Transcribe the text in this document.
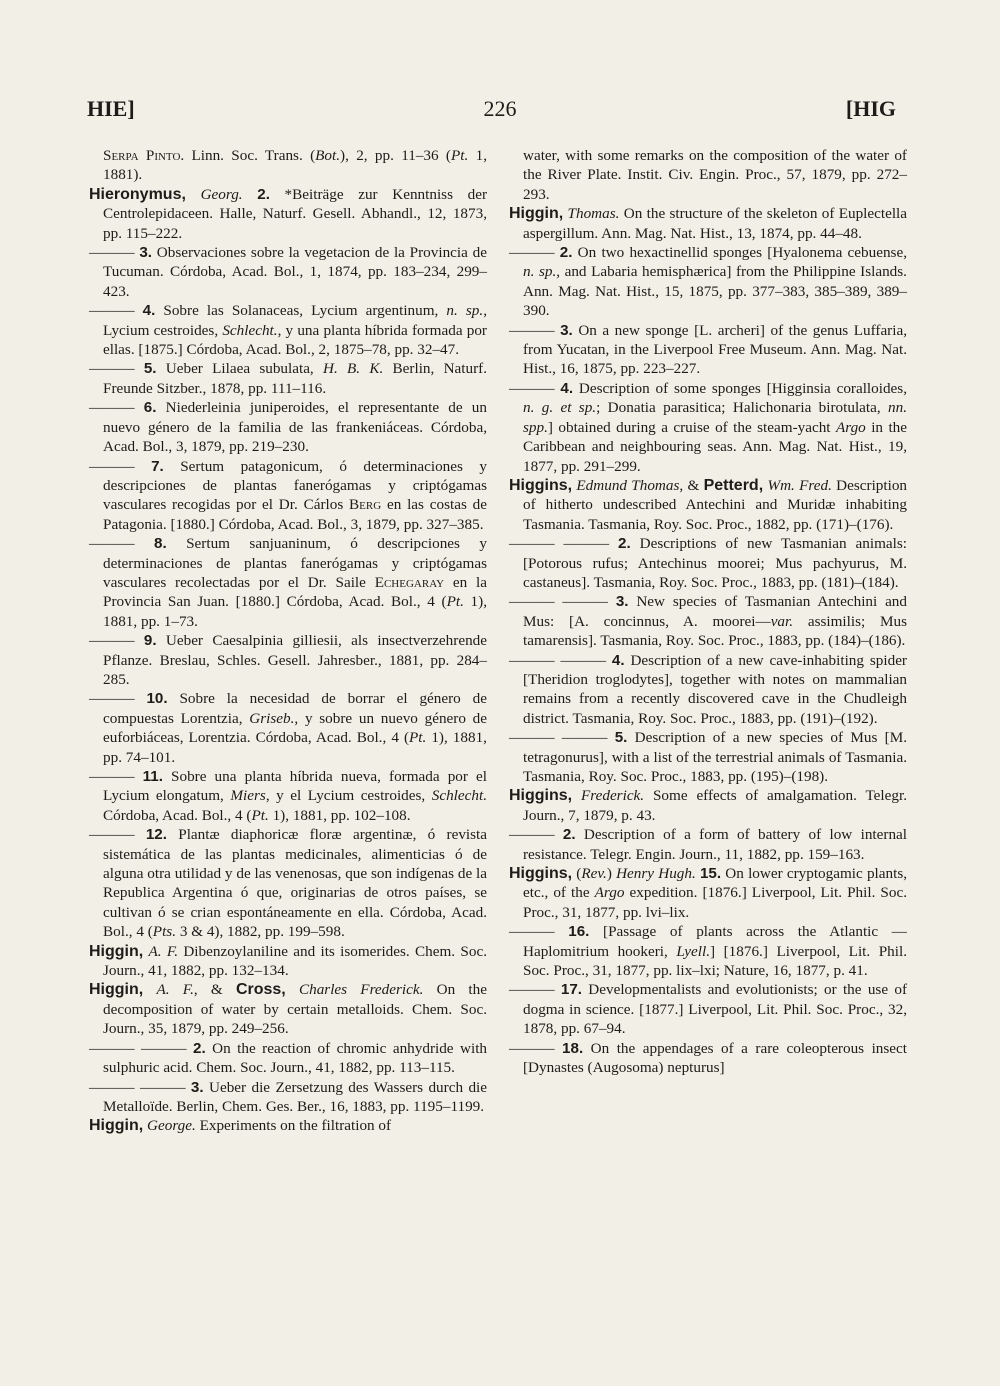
HIE]	226	[HIG

Serpa Pinto. Linn. Soc. Trans. (Bot.), 2, pp. 11–36 (Pt. 1, 1881).

Hieronymus, Georg. 2. *Beiträge zur Kenntniss der Centrolepidaceen. Halle, Naturf. Gesell. Abhandl., 12, 1873, pp. 115–222.

——— 3. Observaciones sobre la vegetacion de la Provincia de Tucuman. Córdoba, Acad. Bol., 1, 1874, pp. 183–234, 299–423.

——— 4. Sobre las Solanaceas, Lycium argentinum, n. sp., Lycium cestroides, Schlecht., y una planta híbrida formada por ellas. [1875.] Córdoba, Acad. Bol., 2, 1875–78, pp. 32–47.

——— 5. Ueber Lilaea subulata, H. B. K. Berlin, Naturf. Freunde Sitzber., 1878, pp. 111–116.

——— 6. Niederleinia juniperoides, el representante de un nuevo género de la familia de las frankeniáceas. Córdoba, Acad. Bol., 3, 1879, pp. 219–230.

——— 7. Sertum patagonicum, ó determinaciones y descripciones de plantas fanerógamas y criptógamas vasculares recogidas por el Dr. Cárlos Berg en las costas de Patagonia. [1880.] Córdoba, Acad. Bol., 3, 1879, pp. 327–385.

——— 8. Sertum sanjuaninum, ó descripciones y determinaciones de plantas fanerógamas y criptógamas vasculares recolectadas por el Dr. Saile Echegaray en la Provincia San Juan. [1880.] Córdoba, Acad. Bol., 4 (Pt. 1), 1881, pp. 1–73.

——— 9. Ueber Caesalpinia gilliesii, als insectverzehrende Pflanze. Breslau, Schles. Gesell. Jahresber., 1881, pp. 284–285.

——— 10. Sobre la necesidad de borrar el género de compuestas Lorentzia, Griseb., y sobre un nuevo género de euforbiáceas, Lorentzia. Córdoba, Acad. Bol., 4 (Pt. 1), 1881, pp. 74–101.

——— 11. Sobre una planta híbrida nueva, formada por el Lycium elongatum, Miers, y el Lycium cestroides, Schlecht. Córdoba, Acad. Bol., 4 (Pt. 1), 1881, pp. 102–108.

——— 12. Plantæ diaphoricæ floræ argentinæ, ó revista sistemática de las plantas medicinales, alimenticias ó de alguna otra utilidad y de las venenosas, que son indígenas de la Republica Argentina ó que, originarias de otros países, se cultivan ó se crian espontáneamente en ella. Córdoba, Acad. Bol., 4 (Pts. 3 & 4), 1882, pp. 199–598.

Higgin, A. F. Dibenzoylaniline and its isomerides. Chem. Soc. Journ., 41, 1882, pp. 132–134.

Higgin, A. F., & Cross, Charles Frederick. On the decomposition of water by certain metalloids. Chem. Soc. Journ., 35, 1879, pp. 249–256.

——— ——— 2. On the reaction of chromic anhydride with sulphuric acid. Chem. Soc. Journ., 41, 1882, pp. 113–115.

——— ——— 3. Ueber die Zersetzung des Wassers durch die Metalloïde. Berlin, Chem. Ges. Ber., 16, 1883, pp. 1195–1199.

Higgin, George. Experiments on the filtration of

water, with some remarks on the composition of the water of the River Plate. Instit. Civ. Engin. Proc., 57, 1879, pp. 272–293.

Higgin, Thomas. On the structure of the skeleton of Euplectella aspergillum. Ann. Mag. Nat. Hist., 13, 1874, pp. 44–48.

——— 2. On two hexactinellid sponges [Hyalonema cebuense, n. sp., and Labaria hemisphærica] from the Philippine Islands. Ann. Mag. Nat. Hist., 15, 1875, pp. 377–383, 385–389, 389–390.

——— 3. On a new sponge [L. archeri] of the genus Luffaria, from Yucatan, in the Liverpool Free Museum. Ann. Mag. Nat. Hist., 16, 1875, pp. 223–227.

——— 4. Description of some sponges [Higginsia coralloides, n. g. et sp.; Donatia parasitica; Halichonaria birotulata, nn. spp.] obtained during a cruise of the steam-yacht Argo in the Caribbean and neighbouring seas. Ann. Mag. Nat. Hist., 19, 1877, pp. 291–299.

Higgins, Edmund Thomas, & Petterd, Wm. Fred. Description of hitherto undescribed Antechini and Muridæ inhabiting Tasmania. Tasmania, Roy. Soc. Proc., 1882, pp. (171)–(176).

——— ——— 2. Descriptions of new Tasmanian animals: [Potorous rufus; Antechinus moorei; Mus pachyurus, M. castaneus]. Tasmania, Roy. Soc. Proc., 1883, pp. (181)–(184).

——— ——— 3. New species of Tasmanian Antechini and Mus: [A. concinnus, A. moorei—var. assimilis; Mus tamarensis]. Tasmania, Roy. Soc. Proc., 1883, pp. (184)–(186).

——— ——— 4. Description of a new cave-inhabiting spider [Theridion troglodytes], together with notes on mammalian remains from a recently discovered cave in the Chudleigh district. Tasmania, Roy. Soc. Proc., 1883, pp. (191)–(192).

——— ——— 5. Description of a new species of Mus [M. tetragonurus], with a list of the terrestrial animals of Tasmania. Tasmania, Roy. Soc. Proc., 1883, pp. (195)–(198).

Higgins, Frederick. Some effects of amalgamation. Telegr. Journ., 7, 1879, p. 43.

——— 2. Description of a form of battery of low internal resistance. Telegr. Engin. Journ., 11, 1882, pp. 159–163.

Higgins, (Rev.) Henry Hugh. 15. On lower cryptogamic plants, etc., of the Argo expedition. [1876.] Liverpool, Lit. Phil. Soc. Proc., 31, 1877, pp. lvi–lix.

——— 16. [Passage of plants across the Atlantic —Haplomitrium hookeri, Lyell.] [1876.] Liverpool, Lit. Phil. Soc. Proc., 31, 1877, pp. lix–lxi; Nature, 16, 1877, p. 41.

——— 17. Developmentalists and evolutionists; or the use of dogma in science. [1877.] Liverpool, Lit. Phil. Soc. Proc., 32, 1878, pp. 67–94.

——— 18. On the appendages of a rare coleopterous insect [Dynastes (Augosoma) nepturus]
